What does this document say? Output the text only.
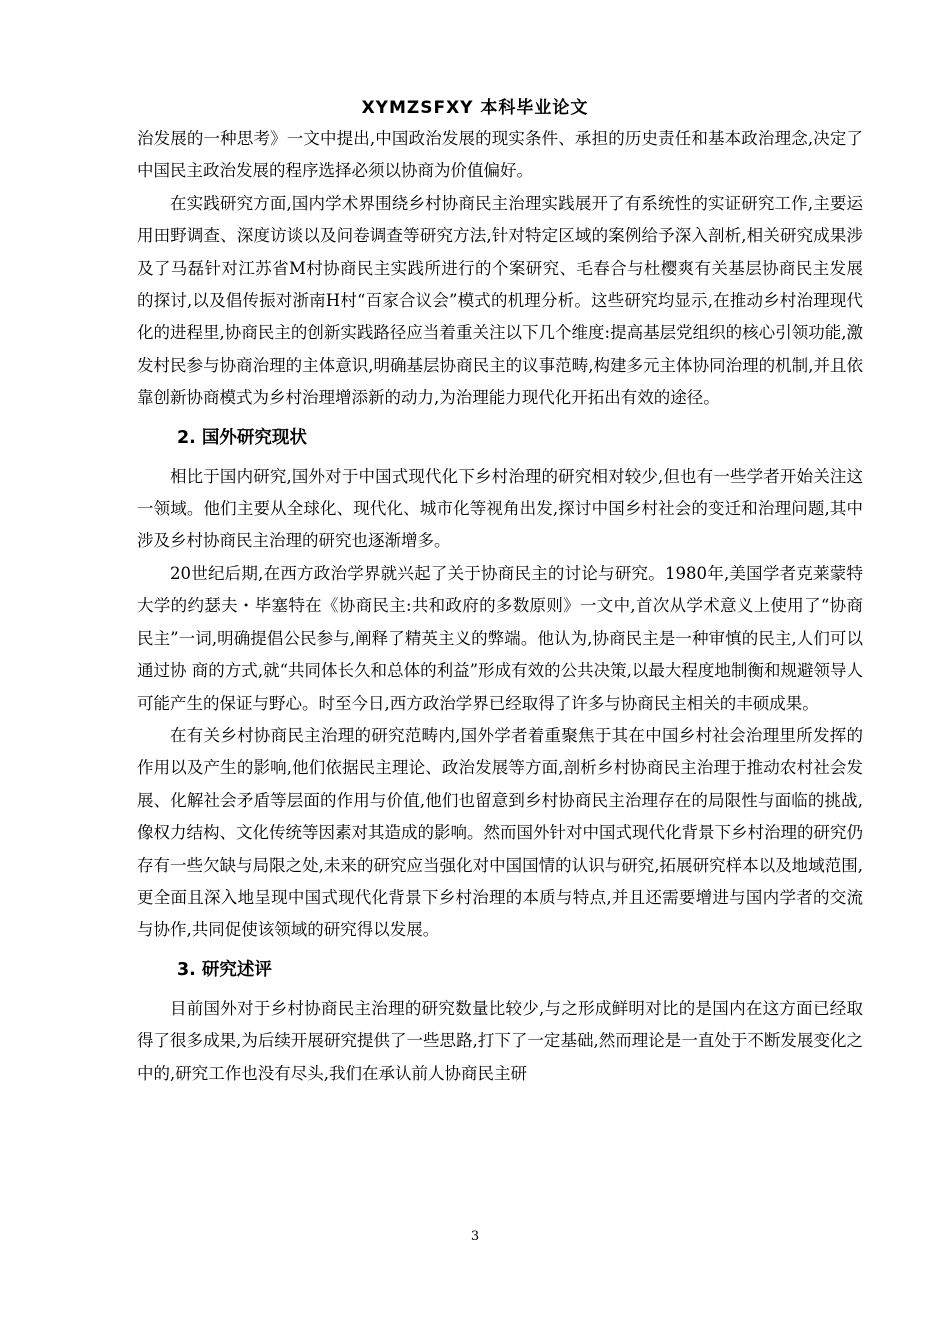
XYMZSFXY 本科毕业论文

治发展的一种思考》一文中提出,中国政治发展的现实条件、承担的历史责任和基本政治理念,决定了中国民主政治发展的程序选择必须以协商为价值偏好。

在实践研究方面,国内学术界围绕乡村协商民主治理实践展开了有系统性的实证研究工作,主要运用田野调查、深度访谈以及问卷调查等研究方法,针对特定区域的案例给予深入剖析,相关研究成果涉及了马磊针对江苏省M村协商民主实践所进行的个案研究、毛春合与杜樱爽有关基层协商民主发展的探讨,以及倡传振对浙南H村“百家合议会”模式的机理分析。这些研究均显示,在推动乡村治理现代化的进程里,协商民主的创新实践路径应当着重关注以下几个维度:提高基层党组织的核心引领功能,激发村民参与协商治理的主体意识,明确基层协商民主的议事范畴,构建多元主体协同治理的机制,并且依靠创新协商模式为乡村治理增添新的动力,为治理能力现代化开拓出有效的途径。

2. 国外研究现状

相比于国内研究,国外对于中国式现代化下乡村治理的研究相对较少,但也有一些学者开始关注这一领域。他们主要从全球化、现代化、城市化等视角出发,探讨中国乡村社会的变迁和治理问题,其中涉及乡村协商民主治理的研究也逐渐增多。

20世纪后期,在西方政治学界就兴起了关于协商民主的讨论与研究。1980年,美国学者克莱蒙特大学的约瑟夫・毕塞特在《协商民主:共和政府的多数原则》一文中,首次从学术意义上使用了“协商民主”一词,明确提倡公民参与,阐释了精英主义的弊端。他认为,协商民主是一种审慎的民主,人们可以通过协 商的方式,就“共同体长久和总体的利益”形成有效的公共决策,以最大程度地制衡和规避领导人可能产生的保证与野心。时至今日,西方政治学界已经取得了许多与协商民主相关的丰硕成果。

在有关乡村协商民主治理的研究范畴内,国外学者着重聚焦于其在中国乡村社会治理里所发挥的作用以及产生的影响,他们依据民主理论、政治发展等方面,剖析乡村协商民主治理于推动农村社会发展、化解社会矛盾等层面的作用与价值,他们也留意到乡村协商民主治理存在的局限性与面临的挑战,像权力结构、文化传统等因素对其造成的影响。然而国外针对中国式现代化背景下乡村治理的研究仍存有一些欠缺与局限之处,未来的研究应当强化对中国国情的认识与研究,拓展研究样本以及地域范围,更全面且深入地呈现中国式现代化背景下乡村治理的本质与特点,并且还需要增进与国内学者的交流与协作,共同促使该领域的研究得以发展。

3. 研究述评

目前国外对于乡村协商民主治理的研究数量比较少,与之形成鲜明对比的是国内在这方面已经取得了很多成果,为后续开展研究提供了一些思路,打下了一定基础,然而理论是一直处于不断发展变化之中的,研究工作也没有尽头,我们在承认前人协商民主研

3
